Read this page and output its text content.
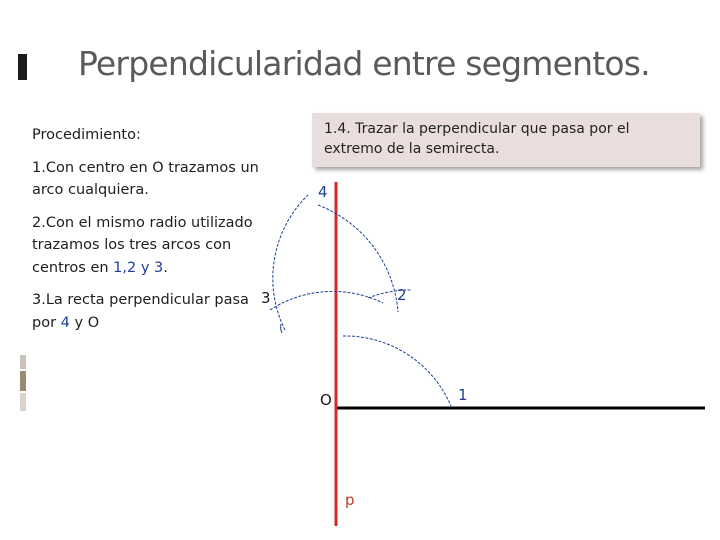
Perpendicularidad entre segmentos.

Procedimiento:

1.Con centro en O trazamos un arco cualquiera.

2.Con el mismo radio utilizado trazamos los tres arcos con centros en 1,2 y 3.

3.La recta perpendicular pasa por 4 y O

1.4. Trazar la perpendicular que pasa por el extremo de la semirecta.
4
3	2
1
O
p
